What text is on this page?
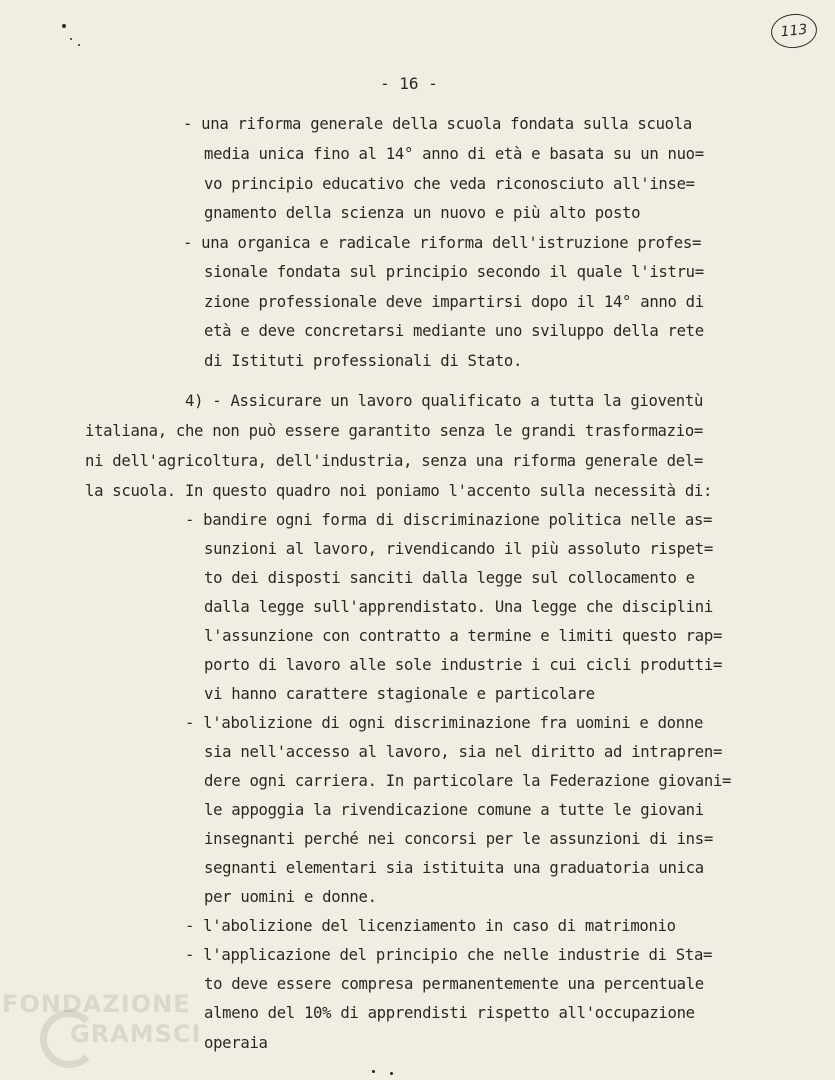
113
- 16 -
- una riforma generale della scuola fondata sulla scuola
media unica fino al 14° anno di età e basata su un nuo=
vo principio educativo che veda riconosciuto all'inse=
gnamento della scienza un nuovo e più alto posto
- una organica e radicale riforma dell'istruzione profes=
sionale fondata sul principio secondo il quale l'istru=
zione professionale deve impartirsi dopo il 14° anno di
età e deve concretarsi mediante uno sviluppo della rete
di Istituti professionali di Stato.
4) - Assicurare un lavoro qualificato a tutta la gioventù
italiana, che non può essere garantito senza le grandi trasformazio=
ni dell'agricoltura, dell'industria, senza una riforma generale del=
la scuola. In questo quadro noi poniamo l'accento sulla necessità di:
- bandire ogni forma di discriminazione politica nelle as=
sunzioni al lavoro, rivendicando il più assoluto rispet=
to dei disposti sanciti dalla legge sul collocamento e
dalla legge sull'apprendistato. Una legge che disciplini
l'assunzione con contratto a termine e limiti questo rap=
porto di lavoro alle sole industrie i cui cicli produtti=
vi hanno carattere stagionale e particolare
- l'abolizione di ogni discriminazione fra uomini e donne
sia nell'accesso al lavoro, sia nel diritto ad intrapren=
dere ogni carriera. In particolare la Federazione giovani=
le appoggia la rivendicazione comune a tutte le giovani
insegnanti perché nei concorsi per le assunzioni di ins=
segnanti elementari sia istituita una graduatoria unica
per uomini e donne.
- l'abolizione del licenziamento in caso di matrimonio
- l'applicazione del principio che nelle industrie di Sta=
to deve essere compresa permanentemente una percentuale
almeno del 10% di apprendisti rispetto all'occupazione
operaia
FONDAZIONE
GRAMSCI
